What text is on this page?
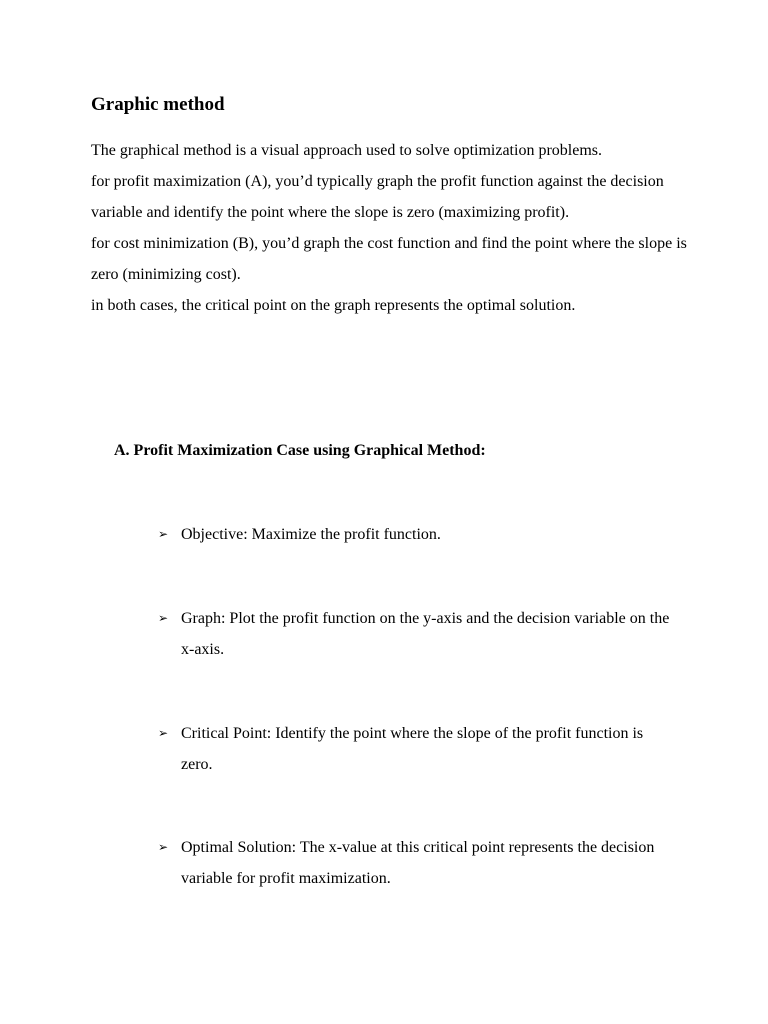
Graphic method

The graphical method is a visual approach used to solve optimization problems.

for profit maximization (A), you’d typically graph the profit function against the decision variable and identify the point where the slope is zero (maximizing profit).

for cost minimization (B), you’d graph the cost function and find the point where the slope is zero (minimizing cost).

in both cases, the critical point on the graph represents the optimal solution.

A. Profit Maximization Case using Graphical Method:
➢ Objective: Maximize the profit function.
➢ Graph: Plot the profit function on the y-axis and the decision variable on the x-axis.
➢ Critical Point: Identify the point where the slope of the profit function is zero.
➢ Optimal Solution: The x-value at this critical point represents the decision variable for profit maximization.
